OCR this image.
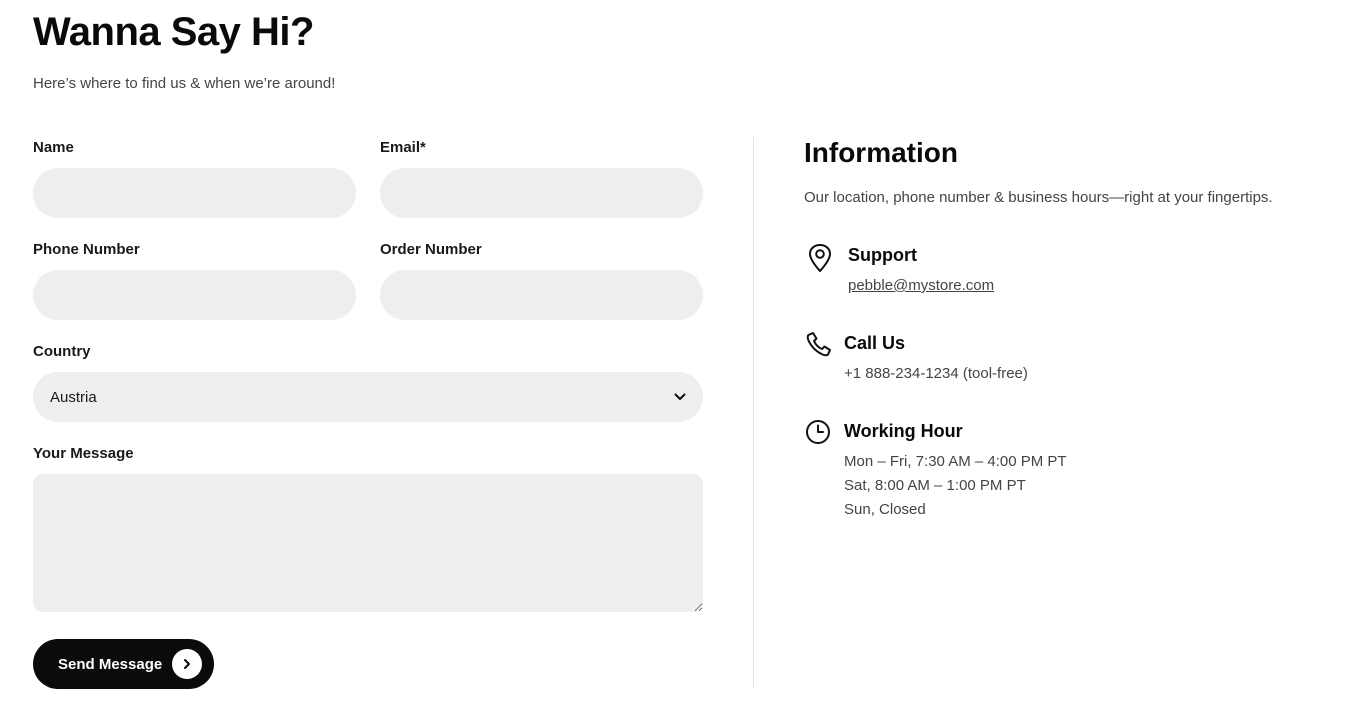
Wanna Say Hi?

Here’s where to find us & when we’re around!

Name	Email*
Phone Number	Order Number
Country
Austria
Your Message
Send Message
Information

Our location, phone number & business hours—right at your fingertips.

Support
pebble@mystore.com
Call Us

+1 888-234-1234 (tool-free)

Working Hour

Mon – Fri, 7:30 AM – 4:00 PM PT

Sat, 8:00 AM – 1:00 PM PT

Sun, Closed
